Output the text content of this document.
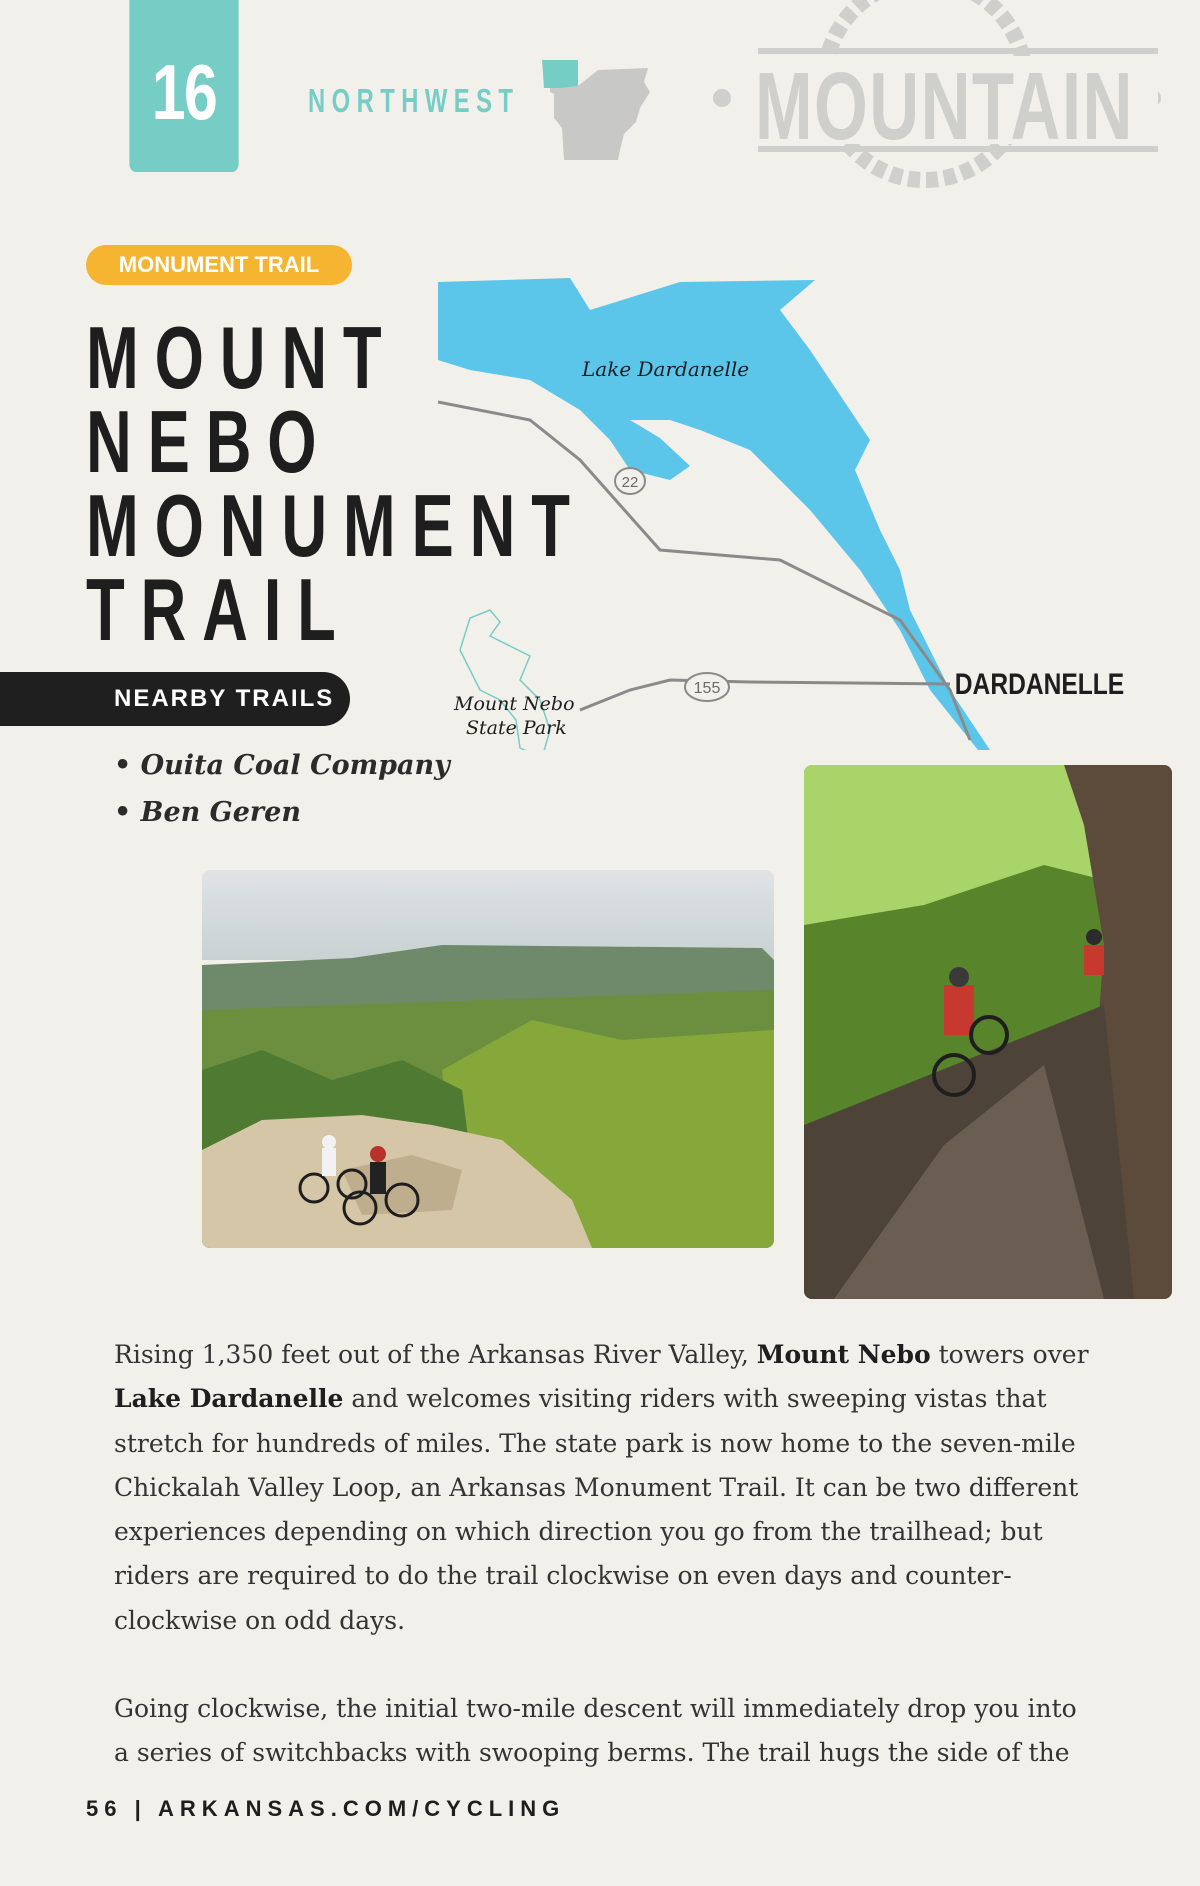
16	NORTHWEST MOUNTAIN
MONUMENT TRAIL
MOUNT
NEBO
MONUMENT
TRAIL
22
155
Lake Dardanelle
Mount Nebo
State Park
DARDANELLE
NEARBY TRAILS
• Ouita Coal Company
• Ben Geren

Rising 1,350 feet out of the Arkansas River Valley, Mount Nebo towers over Lake Dardanelle and welcomes visiting riders with sweeping vistas that stretch for hundreds of miles. The state park is now home to the seven-mile Chickalah Valley Loop, an Arkansas Monument Trail. It can be two different experiences depending on which direction you go from the trailhead; but riders are required to do the trail clockwise on even days and counter-clockwise on odd days.

Going clockwise, the initial two-mile descent will immediately drop you into a series of switchbacks with swooping berms. The trail hugs the side of the

56 | ARKANSAS.COM/CYCLING
